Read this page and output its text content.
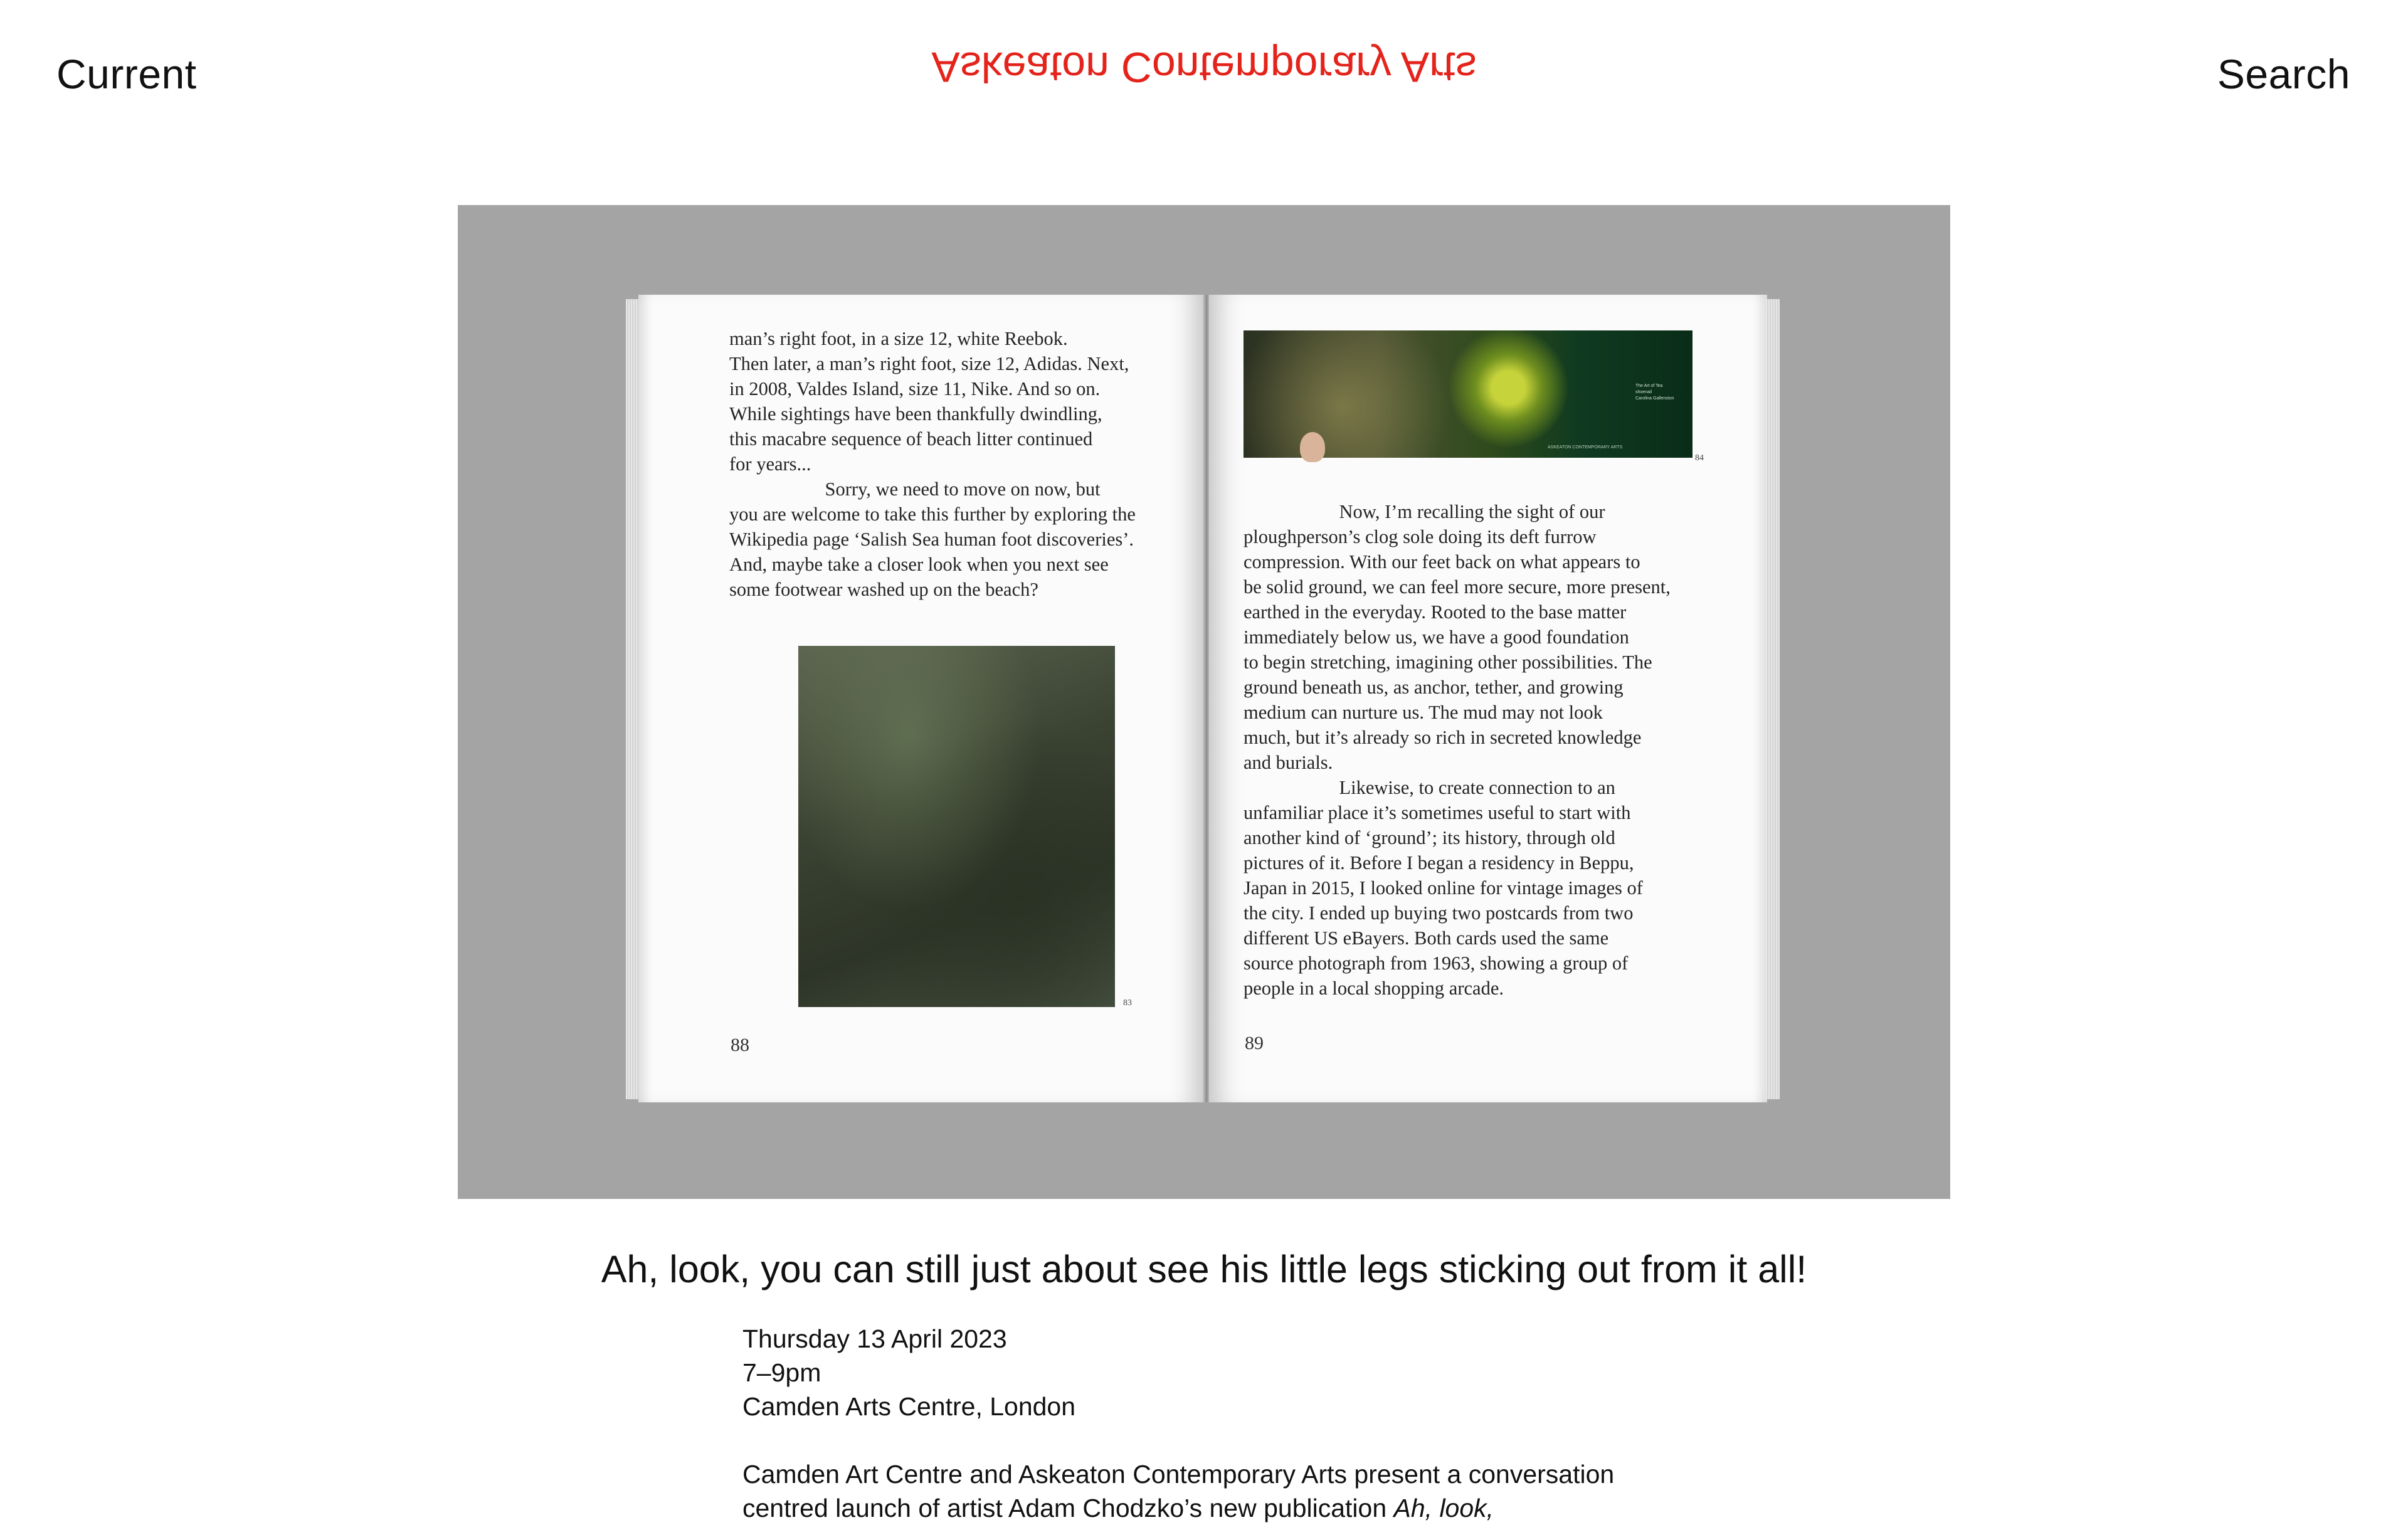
Current	Askeaton Contemporary Arts	Search
man’s right foot, in a size 12, white Reebok.
Then later, a man’s right foot, size 12, Adidas. Next,
in 2008, Valdes Island, size 11, Nike. And so on.
While sightings have been thankfully dwindling,
this macabre sequence of beach litter continued
for years...
Sorry, we need to move on now, but
you are welcome to take this further by exploring the
Wikipedia page ‘Salish Sea human foot discoveries’.
And, maybe take a closer look when you next see
some footwear washed up on the beach?
83
88
The Art of Tea
shoenail
Carolina Gallenston
ASKEATON CONTEMPORARY ARTS
84
Now, I’m recalling the sight of our
ploughperson’s clog sole doing its deft furrow
compression. With our feet back on what appears to
be solid ground, we can feel more secure, more present,
earthed in the everyday. Rooted to the base matter
immediately below us, we have a good foundation
to begin stretching, imagining other possibilities. The
ground beneath us, as anchor, tether, and growing
medium can nurture us. The mud may not look
much, but it’s already so rich in secreted knowledge
and burials.
Likewise, to create connection to an
unfamiliar place it’s sometimes useful to start with
another kind of ‘ground’; its history, through old
pictures of it. Before I began a residency in Beppu,
Japan in 2015, I looked online for vintage images of
the city. I ended up buying two postcards from two
different US eBayers. Both cards used the same
source photograph from 1963, showing a group of
people in a local shopping arcade.
89
Ah, look, you can still just about see his little legs sticking out from it all!
Thursday 13 April 2023
7–9pm
Camden Arts Centre, London
Camden Art Centre and Askeaton Contemporary Arts present a conversation
centred launch of artist Adam Chodzko’s new publication Ah, look,
